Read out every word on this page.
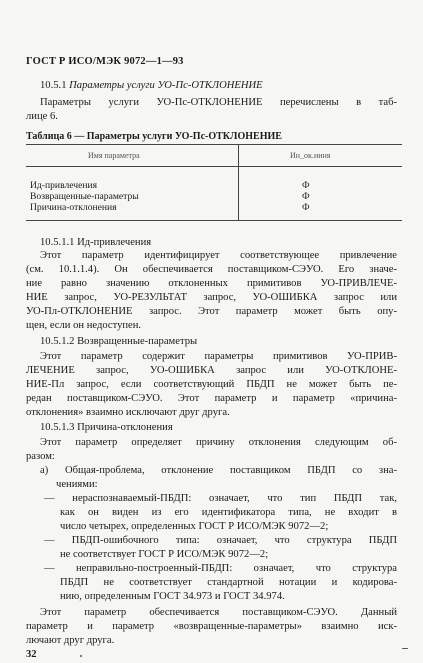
ГОСТ Р ИСО/МЭК 9072—1—93
10.5.1 Параметры услуги УО-Пс-ОТКЛОНЕНИЕ
Параметры услуги УО-Пс-ОТКЛОНЕНИЕ перечислены в таб-
лице 6.
Таблица 6 — Параметры услуги УО-Пс-ОТКЛОНЕНИЕ
Имя параметра	Ин_ок.ииня
Ид-привлечения	Ф
Возвращенные-параметры	Ф
Причина-отклонения	Ф
10.5.1.1 Ид-привлечения
Этот параметр идентифицирует соответствующее привлечение
(см. 10.1.1.4). Он обеспечивается поставщиком-СЭУО. Его значе-
ние равно значению отклоненных примитивов УО-ПРИВЛЕЧЕ-
НИЕ запрос, УО-РЕЗУЛЬТАТ запрос, УО-ОШИБКА запрос или
УО-Пл-ОТКЛОНЕНИЕ запрос. Этот параметр может быть опу-
щен, если он недоступен.
10.5.1.2 Возвращенные-параметры
Этот параметр содержит параметры примитивов УО-ПРИВ-
ЛЕЧЕНИЕ запрос, УО-ОШИБКА запрос или УО-ОТКЛОНЕ-
НИЕ-Пл запрос, если соответствующий ПБДП не может быть пе-
редан поставщиком-СЭУО. Этот параметр и параметр «причина-
отклонения» взаимно исключают друг друга.
10.5.1.3 Причина-отклонения
Этот параметр определяет причину отклонения следующим об-
разом:
а) Общая-проблема, отклонение поставщиком ПБДП со зна-
чениями:
— нераспознаваемый-ПБДП: означает, что тип ПБДП так,
как он виден из его идентификатора типа, не входит в
число четырех, определенных ГОСТ Р ИСО/МЭК 9072—2;
— ПБДП-ошибочного типа: означает, что структура ПБДП
не соответствует ГОСТ Р ИСО/МЭК 9072—2;
— неправильно-построенный-ПБДП: означает, что структура
ПБДП не соответствует стандартной нотации и кодирова-
нию, определенным ГОСТ 34.973 и ГОСТ 34.974.
Этот параметр обеспечивается поставщиком-СЭУО. Данный
параметр и параметр «возвращенные-параметры» взаимно иск-
лючают друг друга.
32
